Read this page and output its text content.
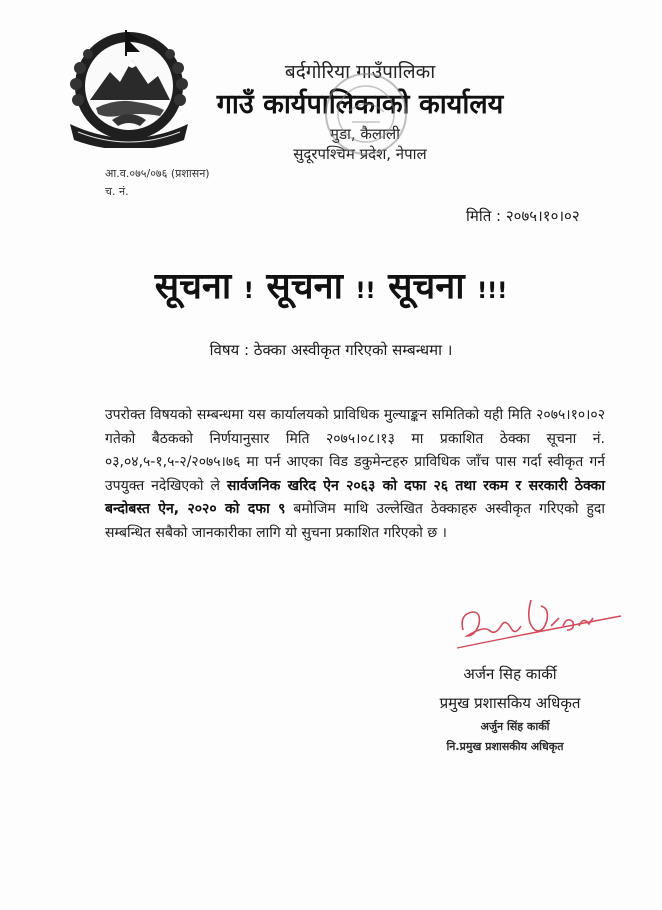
बर्दगोरिया गाउँपालिका
गाउँ कार्यपालिकाको कार्यालय
मुडा, कैलाली
सुदूरपश्चिम प्रदेश, नेपाल
आ.व.०७५/०७६ (प्रशासन)
च. नं.
मिति : २०७५।१०।०२
सूचना ! सूचना !! सूचना !!!
विषय : ठेक्का अस्वीकृत गरिएको सम्बन्धमा ।
उपरोक्त विषयको सम्बन्धमा यस कार्यालयको प्राविधिक मुल्याङ्कन समितिको यही मिति २०७५।१०।०२ गतेको बैठकको निर्णयानुसार मिति २०७५।०८।१३ मा प्रकाशित ठेक्का सूचना नं. ०३,०४,५-१,५-२/२०७५।७६ मा पर्न आएका विड डकुमेन्टहरु प्राविधिक जाँच पास गर्दा स्वीकृत गर्न उपयुक्त नदेखिएको ले सार्वजनिक खरिद ऐन २०६३ को दफा २६ तथा रकम र सरकारी ठेक्का बन्दोबस्त ऐन, २०२० को दफा ९ बमोजिम माथि उल्लेखित ठेक्काहरु अस्वीकृत गरिएको हुदा सम्बन्धित सबैको जानकारीका लागि यो सुचना प्रकाशित गरिएको छ ।
अर्जन सिह कार्की
प्रमुख प्रशासकिय अधिकृत
अर्जुन सिंह कार्की
नि.प्रमुख प्रशासकीय अधिकृत
